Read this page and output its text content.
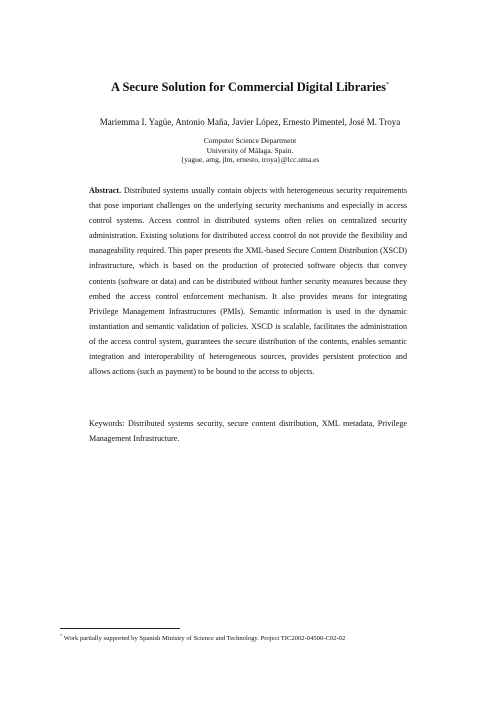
A Secure Solution for Commercial Digital Libraries*
Mariemma I. Yagüe, Antonio Maña, Javier López, Ernesto Pimentel, José M. Troya
Computer Science Department
University of Málaga. Spain.
{yague, amg, jlm, ernesto, troya}@lcc.uma.es
Abstract. Distributed systems usually contain objects with heterogeneous security requirements that pose important challenges on the underlying security mechanisms and especially in access control systems. Access control in distributed systems often relies on centralized security administration. Existing solutions for distributed access control do not provide the flexibility and manageability required. This paper presents the XML-based Secure Content Distribution (XSCD) infrastructure, which is based on the production of protected software objects that convey contents (software or data) and can be distributed without further security measures because they embed the access control enforcement mechanism. It also provides means for integrating Privilege Management Infrastructures (PMIs). Semantic information is used in the dynamic instantiation and semantic validation of policies. XSCD is scalable, facilitates the administration of the access control system, guarantees the secure distribution of the contents, enables semantic integration and interoperability of heterogeneous sources, provides persistent protection and allows actions (such as payment) to be bound to the access to objects.
Keywords: Distributed systems security, secure content distribution, XML metadata, Privilege Management Infrastructure.
* Work partially supported by Spanish Ministry of Science and Technology. Project TIC2002-04500-C02-02
